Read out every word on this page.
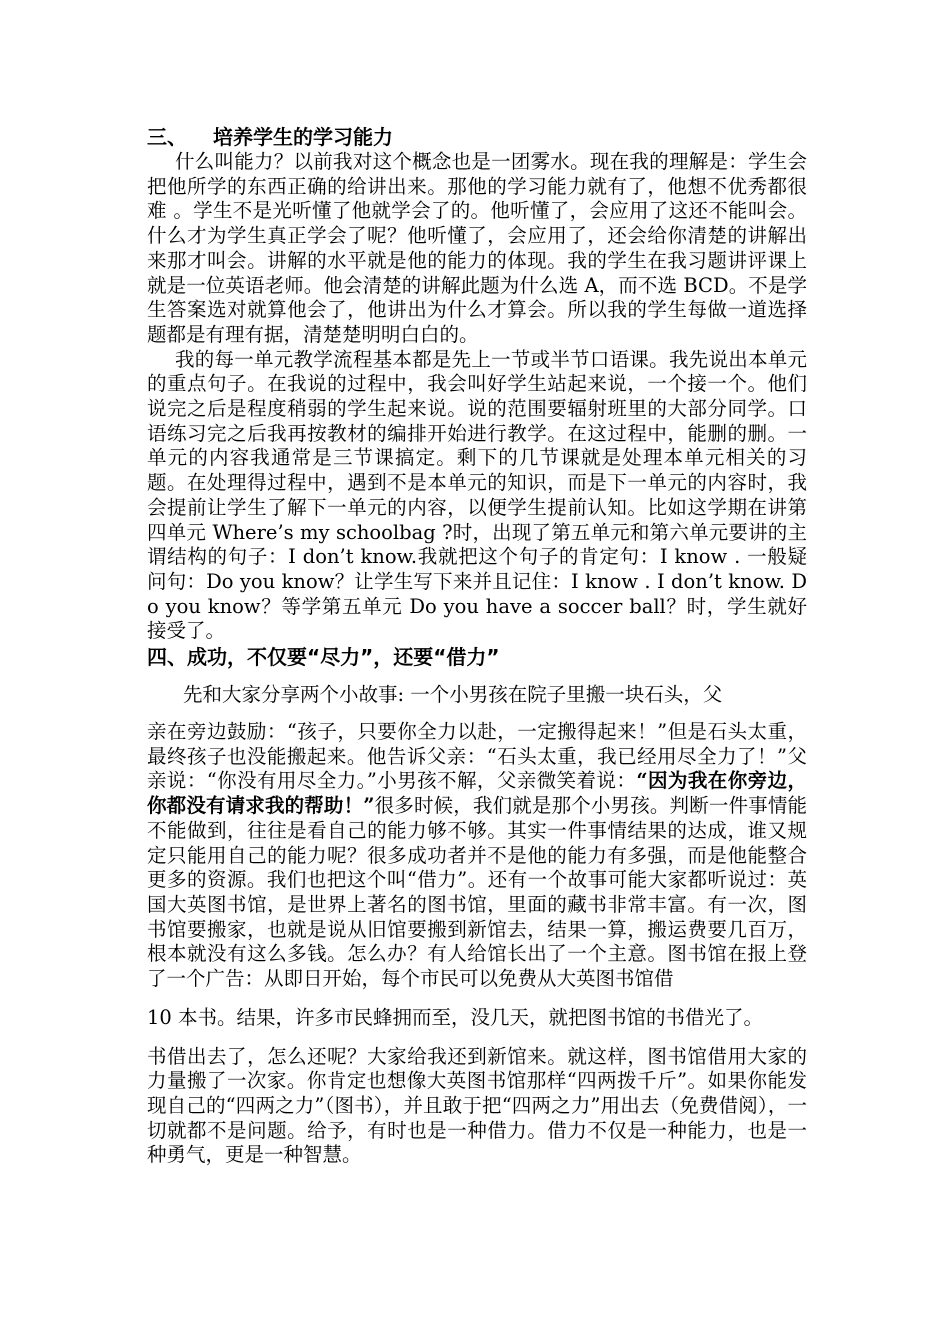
三、 培养学生的学习能力

什么叫能力？以前我对这个概念也是一团雾水。现在我的理解是：学生会把他所学的东西正确的给讲出来。那他的学习能力就有了，他想不优秀都很难 。学生不是光听懂了他就学会了的。他听懂了，会应用了这还不能叫会。什么才为学生真正学会了呢？他听懂了，会应用了，还会给你清楚的讲解出来那才叫会。讲解的水平就是他的能力的体现。我的学生在我习题讲评课上就是一位英语老师。他会清楚的讲解此题为什么选 A，而不选 BCD。不是学生答案选对就算他会了，他讲出为什么才算会。所以我的学生每做一道选择题都是有理有据，清楚楚明明白白的。

我的每一单元教学流程基本都是先上一节或半节口语课。我先说出本单元的重点句子。在我说的过程中，我会叫好学生站起来说，一个接一个。他们说完之后是程度稍弱的学生起来说。说的范围要辐射班里的大部分同学。口语练习完之后我再按教材的编排开始进行教学。在这过程中，能删的删。一单元的内容我通常是三节课搞定。剩下的几节课就是处理本单元相关的习题。在处理得过程中，遇到不是本单元的知识，而是下一单元的内容时，我会提前让学生了解下一单元的内容，以便学生提前认知。比如这学期在讲第四单元 Where’s my schoolbag ?时，出现了第五单元和第六单元要讲的主谓结构的句子：I don’t know.我就把这个句子的肯定句：I know . 一般疑问句：Do you know？让学生写下来并且记住：I know . I don’t know. Do you know？等学第五单元 Do you have a soccer ball？时，学生就好接受了。

四、成功，不仅要“尽力”，还要“借力”

先和大家分享两个小故事: 一个小男孩在院子里搬一块石头，父

亲在旁边鼓励：“孩子，只要你全力以赴，一定搬得起来！”但是石头太重，最终孩子也没能搬起来。他告诉父亲：“石头太重，我已经用尽全力了！”父亲说：“你没有用尽全力。”小男孩不解，父亲微笑着说：“因为我在你旁边，你都没有请求我的帮助！”很多时候，我们就是那个小男孩。判断一件事情能不能做到，往往是看自己的能力够不够。其实一件事情结果的达成，谁又规定只能用自己的能力呢？很多成功者并不是他的能力有多强，而是他能整合更多的资源。我们也把这个叫“借力”。还有一个故事可能大家都听说过：英国大英图书馆，是世界上著名的图书馆，里面的藏书非常丰富。有一次，图书馆要搬家，也就是说从旧馆要搬到新馆去，结果一算，搬运费要几百万，根本就没有这么多钱。怎么办？有人给馆长出了一个主意。图书馆在报上登了一个广告：从即日开始，每个市民可以免费从大英图书馆借

10 本书。结果，许多市民蜂拥而至，没几天，就把图书馆的书借光了。

书借出去了，怎么还呢？大家给我还到新馆来。就这样，图书馆借用大家的力量搬了一次家。你肯定也想像大英图书馆那样“四两拨千斤”。如果你能发现自己的“四两之力”（图书），并且敢于把“四两之力”用出去（免费借阅），一切就都不是问题。给予，有时也是一种借力。借力不仅是一种能力，也是一种勇气，更是一种智慧。
